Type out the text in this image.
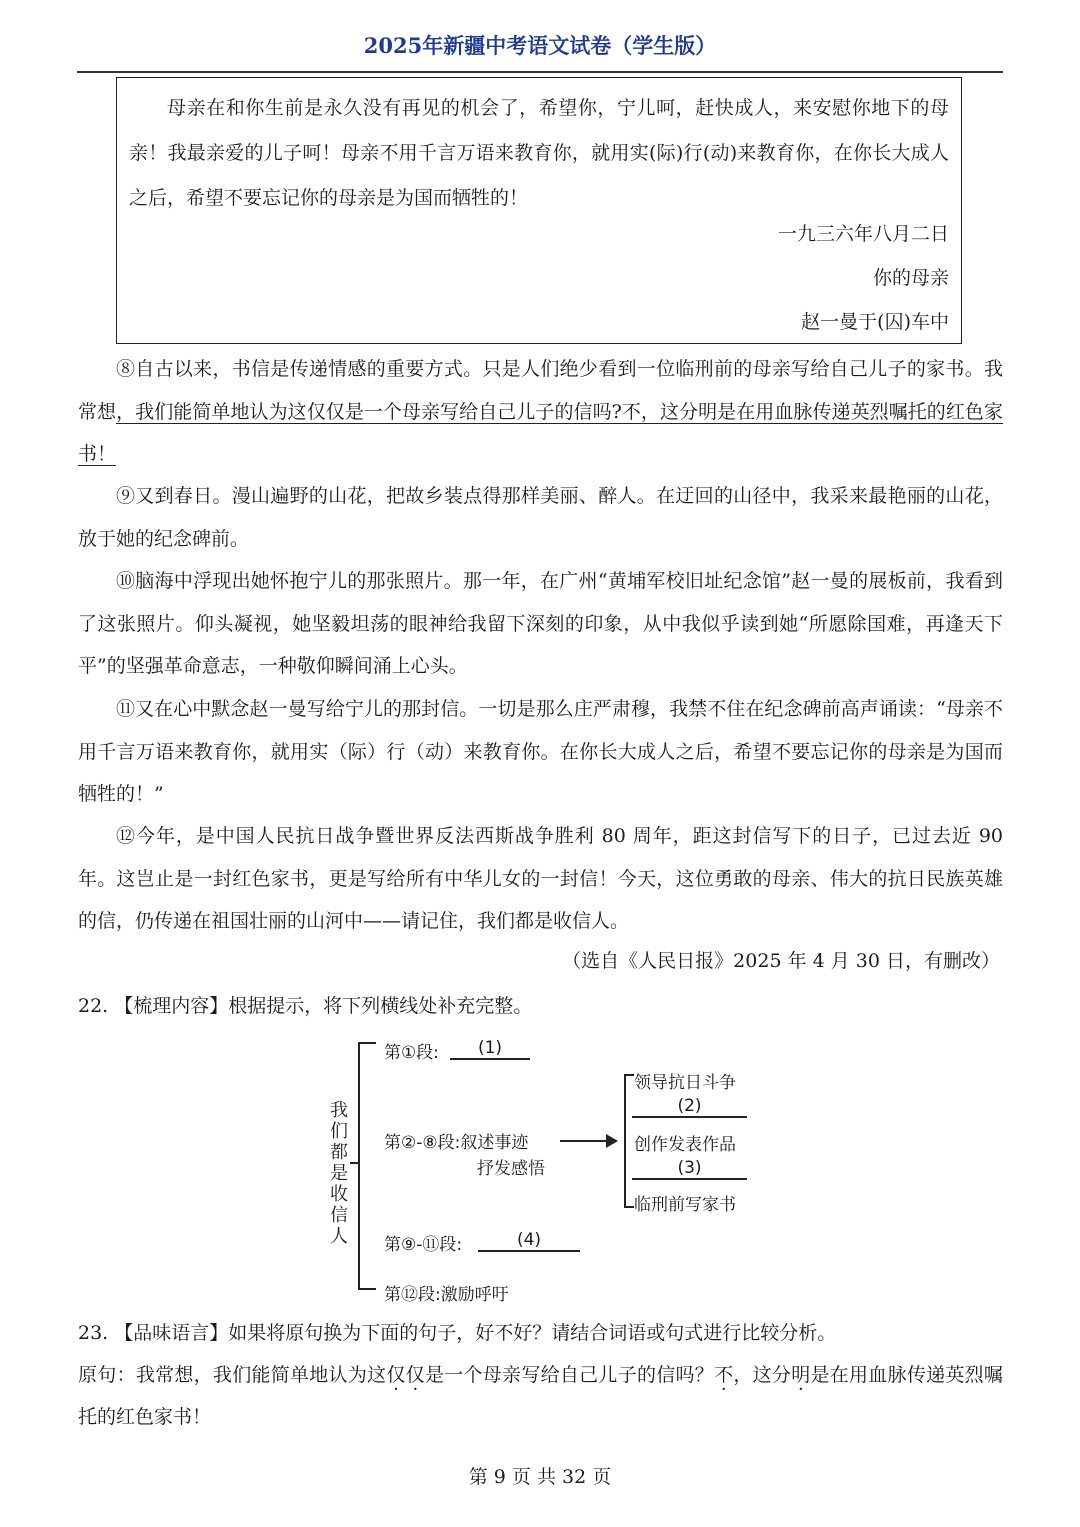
2025年新疆中考语文试卷（学生版）

母亲在和你生前是永久没有再见的机会了，希望你，宁儿呵，赶快成人，来安慰你地下的母亲！我最亲爱的儿子呵！母亲不用千言万语来教育你，就用实(际)行(动)来教育你，在你长大成人之后，希望不要忘记你的母亲是为国而牺牲的！

一九三六年八月二日
你的母亲
赵一曼于(囚)车中

⑧自古以来，书信是传递情感的重要方式。只是人们绝少看到一位临刑前的母亲写给自己儿子的家书。我常想，我们能简单地认为这仅仅是一个母亲写给自己儿子的信吗?不，这分明是在用血脉传递英烈嘱托的红色家书！

⑨又到春日。漫山遍野的山花，把故乡装点得那样美丽、醉人。在迂回的山径中，我采来最艳丽的山花，放于她的纪念碑前。

⑩脑海中浮现出她怀抱宁儿的那张照片。那一年，在广州“黄埔军校旧址纪念馆”赵一曼的展板前，我看到了这张照片。仰头凝视，她坚毅坦荡的眼神给我留下深刻的印象，从中我似乎读到她“所愿除国难，再逢天下平”的坚强革命意志，一种敬仰瞬间涌上心头。

⑪又在心中默念赵一曼写给宁儿的那封信。一切是那么庄严肃穆，我禁不住在纪念碑前高声诵读：“母亲不用千言万语来教育你，就用实（际）行（动）来教育你。在你长大成人之后，希望不要忘记你的母亲是为国而牺牲的！”

⑫今年，是中国人民抗日战争暨世界反法西斯战争胜利 80 周年，距这封信写下的日子，已过去近 90 年。这岂止是一封红色家书，更是写给所有中华儿女的一封信！今天，这位勇敢的母亲、伟大的抗日民族英雄的信，仍传递在祖国壮丽的山河中——请记住，我们都是收信人。

（选自《人民日报》2025 年 4 月 30 日，有删改）

22. 【梳理内容】根据提示，将下列横线处补充完整。

我们都是收信人
第①段:	(1)
第②-⑧段:叙述事迹
抒发感悟
领导抗日斗争
(2)
创作发表作品
(3)
临刑前写家书
第⑨-⑪段:	(4)
第⑫段:激励呼吁

23. 【品味语言】如果将原句换为下面的句子，好不好？请结合词语或句式进行比较分析。

原句：我常想，我们能简单地认为这仅仅是一个母亲写给自己儿子的信吗？不，这分明是在用血脉传递英烈嘱托的红色家书！

第 9 页 共 32 页
